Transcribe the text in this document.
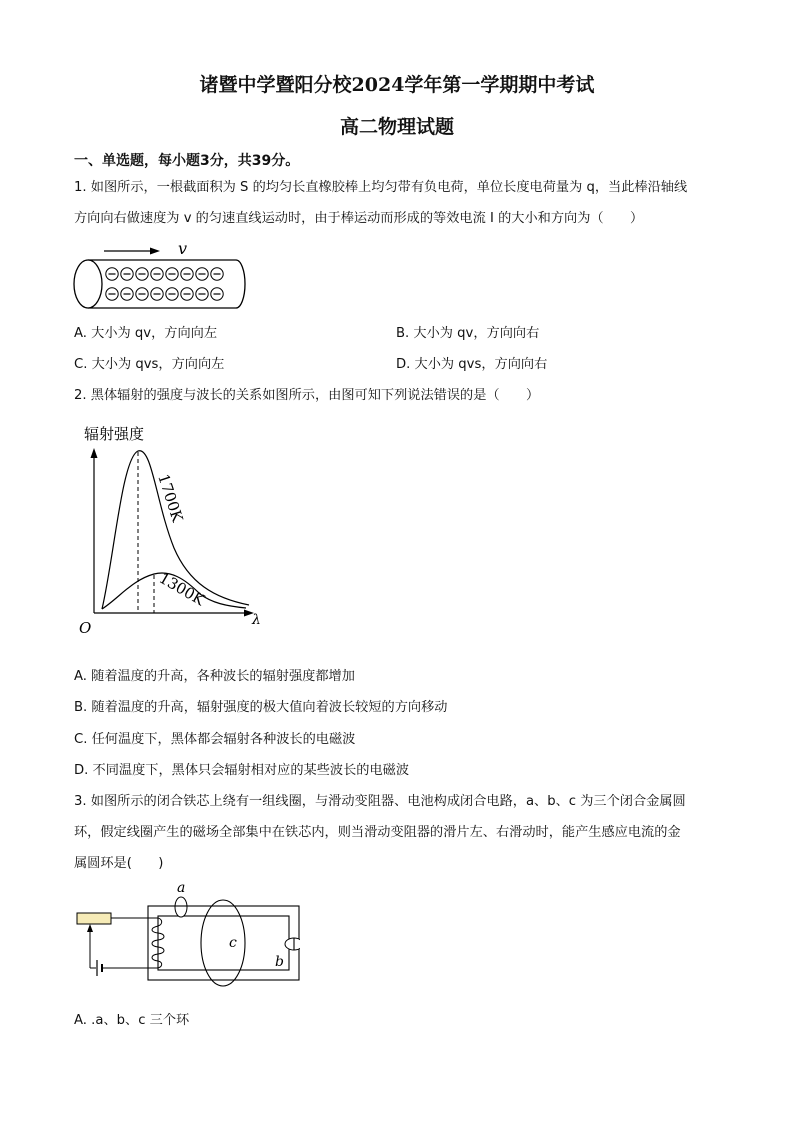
诸暨中学暨阳分校2024学年第一学期期中考试
高二物理试题
一、单选题，每小题3分，共39分。
1. 如图所示，一根截面积为 S 的均匀长直橡胶棒上均匀带有负电荷，单位长度电荷量为 q，当此棒沿轴线
方向向右做速度为 v 的匀速直线运动时，由于棒运动而形成的等效电流 I 的大小和方向为（　　）
v
A. 大小为 qv，方向向左	B. 大小为 qv，方向向右
C. 大小为 qvs，方向向左	D. 大小为 qvs，方向向右
2. 黑体辐射的强度与波长的关系如图所示，由图可知下列说法错误的是（　　）
辐射强度
λ
O
1700K
1300K
A. 随着温度的升高，各种波长的辐射强度都增加
B. 随着温度的升高，辐射强度的极大值向着波长较短的方向移动
C. 任何温度下，黑体都会辐射各种波长的电磁波
D. 不同温度下，黑体只会辐射相对应的某些波长的电磁波
3. 如图所示的闭合铁芯上绕有一组线圈，与滑动变阻器、电池构成闭合电路，a、b、c 为三个闭合金属圆
环，假定线圈产生的磁场全部集中在铁芯内，则当滑动变阻器的滑片左、右滑动时，能产生感应电流的金
属圆环是(　　)
a
c
b
A. .a、b、c 三个环
